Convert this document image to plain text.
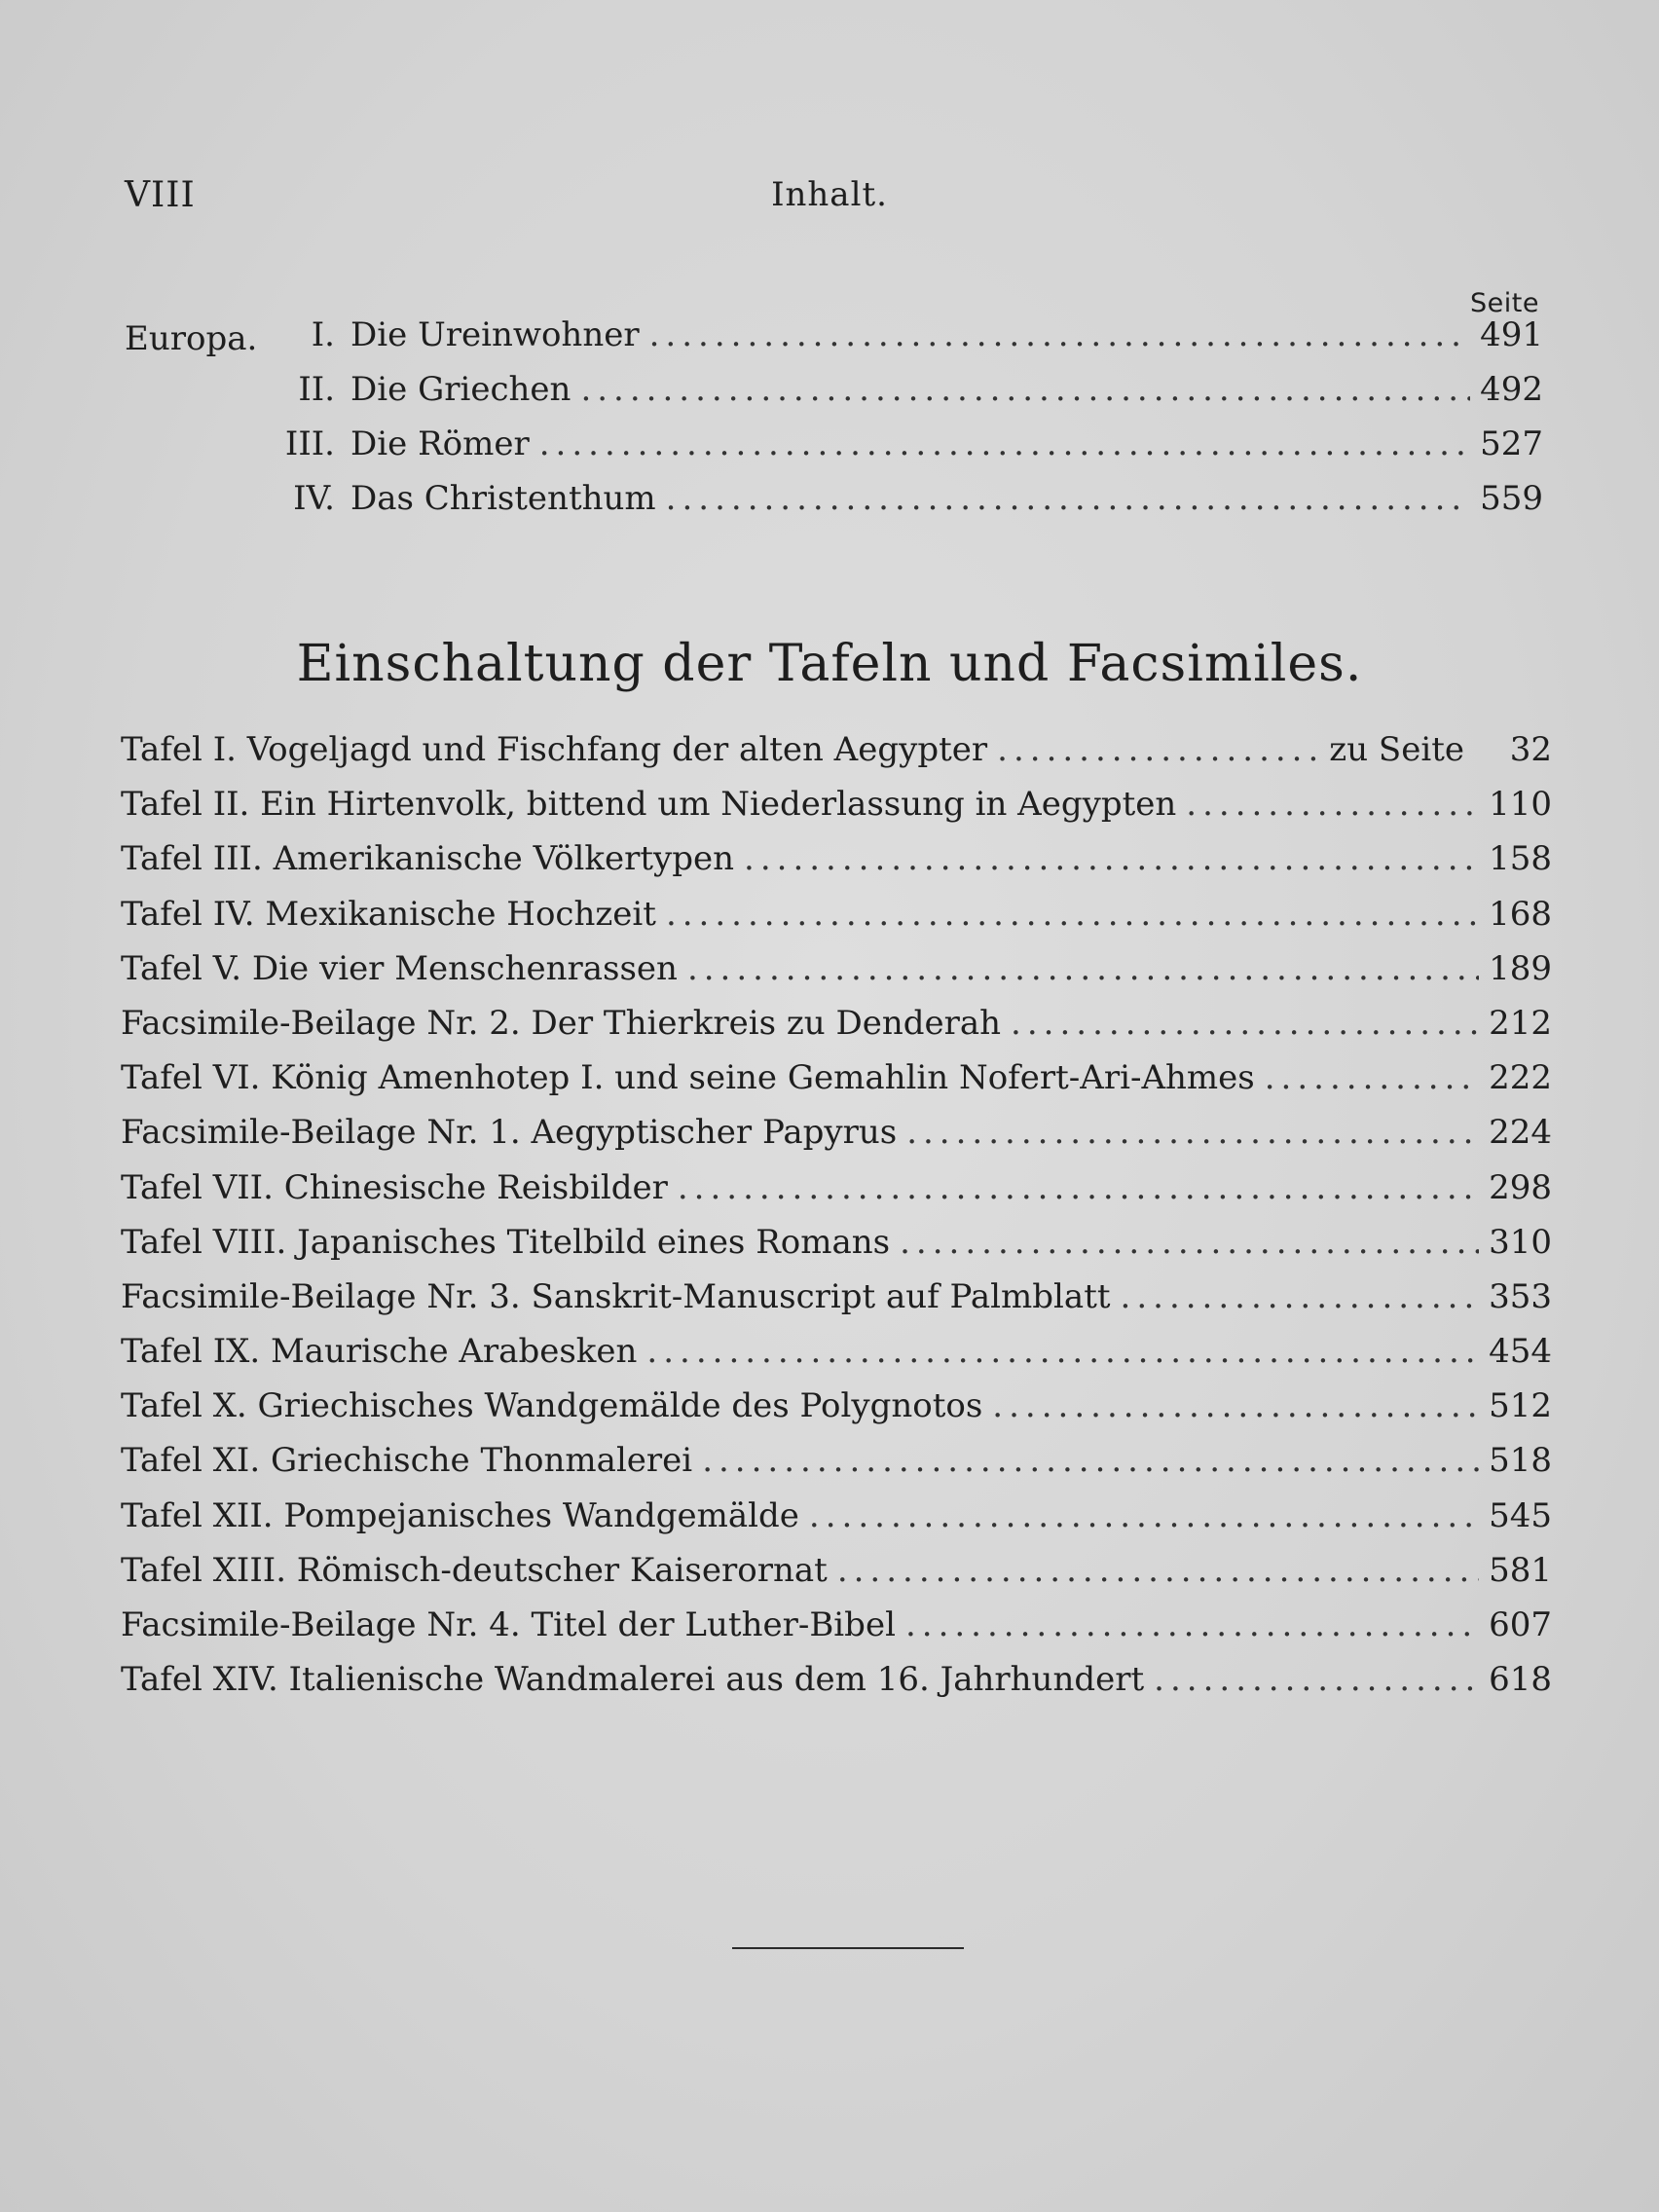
VIII	Inhalt.
Seite
Europa.	I. Die Ureinwohner .....	491
II. Die Griechen .....	492
III. Die Römer .....	527
IV. Das Christenthum .....	559
Einschaltung der Tafeln und Facsimiles.
Tafel I. Vogeljagd und Fischfang der alten Aegypter .....	zu Seite	32
Tafel II. Ein Hirtenvolk, bittend um Niederlassung in Aegypten .....	110
Tafel III. Amerikanische Völkertypen .....	158
Tafel IV. Mexikanische Hochzeit .....	168
Tafel V. Die vier Menschenrassen .....	189
Facsimile-Beilage Nr. 2. Der Thierkreis zu Denderah .....	212
Tafel VI. König Amenhotep I. und seine Gemahlin Nofert-Ari-Ahmes .....	222
Facsimile-Beilage Nr. 1. Aegyptischer Papyrus .....	224
Tafel VII. Chinesische Reisbilder .....	298
Tafel VIII. Japanisches Titelbild eines Romans .....	310
Facsimile-Beilage Nr. 3. Sanskrit-Manuscript auf Palmblatt .....	353
Tafel IX. Maurische Arabesken .....	454
Tafel X. Griechisches Wandgemälde des Polygnotos .....	512
Tafel XI. Griechische Thonmalerei .....	518
Tafel XII. Pompejanisches Wandgemälde .....	545
Tafel XIII. Römisch-deutscher Kaiserornat .....	581
Facsimile-Beilage Nr. 4. Titel der Luther-Bibel .....	607
Tafel XIV. Italienische Wandmalerei aus dem 16. Jahrhundert .....	618
